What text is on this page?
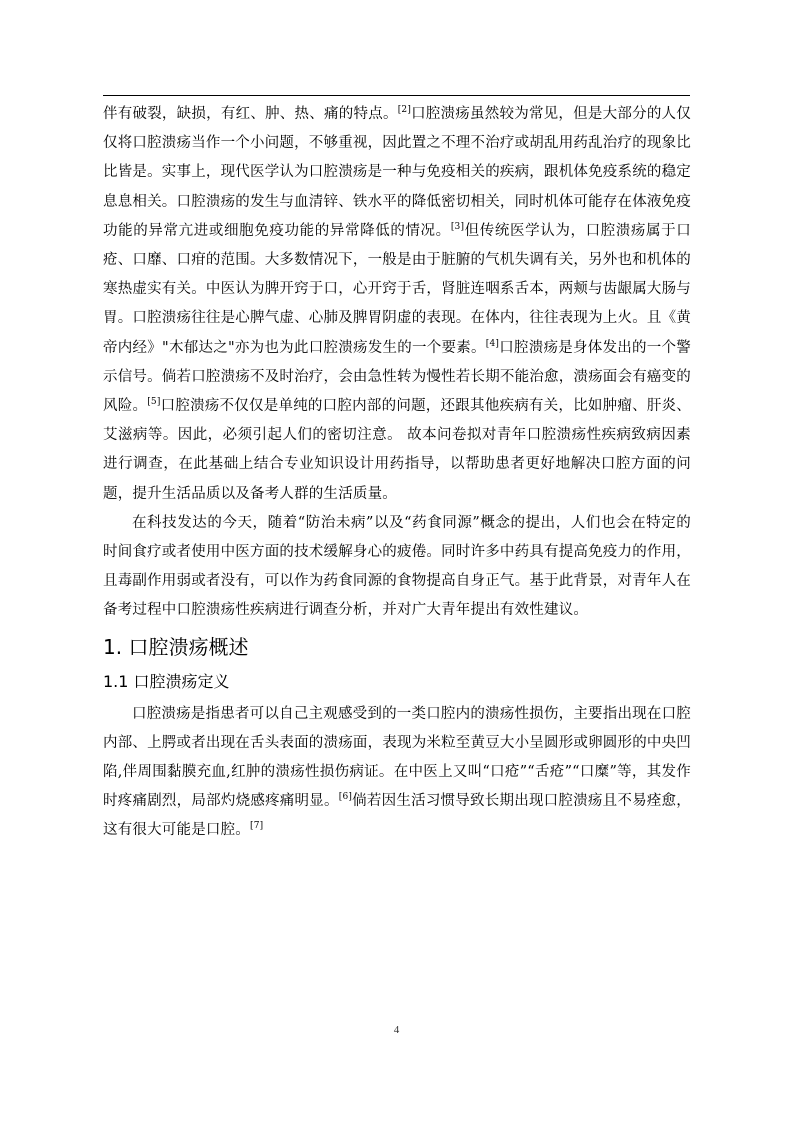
伴有破裂，缺损，有红、肿、热、痛的特点。[2]口腔溃疡虽然较为常见，但是大部分的人仅仅将口腔溃疡当作一个小问题，不够重视，因此置之不理不治疗或胡乱用药乱治疗的现象比比皆是。实事上，现代医学认为口腔溃疡是一种与免疫相关的疾病，跟机体免疫系统的稳定息息相关。口腔溃疡的发生与血清锌、铁水平的降低密切相关，同时机体可能存在体液免疫功能的异常亢进或细胞免疫功能的异常降低的情况。[3]但传统医学认为，口腔溃疡属于口疮、口靡、口疳的范围。大多数情况下，一般是由于脏腑的气机失调有关，另外也和机体的寒热虚实有关。中医认为脾开窍于口，心开窍于舌，肾脏连咽系舌本，两颊与齿龈属大肠与胃。口腔溃疡往往是心脾气虚、心肺及脾胃阴虚的表现。在体内，往往表现为上火。且《黄帝内经》"木郁达之"亦为也为此口腔溃疡发生的一个要素。[4]口腔溃疡是身体发出的一个警示信号。倘若口腔溃疡不及时治疗，会由急性转为慢性若长期不能治愈，溃疡面会有癌变的风险。[5]口腔溃疡不仅仅是单纯的口腔内部的问题，还跟其他疾病有关，比如肿瘤、肝炎、艾滋病等。因此，必须引起人们的密切注意。 故本问卷拟对青年口腔溃疡性疾病致病因素进行调查，在此基础上结合专业知识设计用药指导，以帮助患者更好地解决口腔方面的问题，提升生活品质以及备考人群的生活质量。

在科技发达的今天，随着“防治未病”以及“药食同源”概念的提出，人们也会在特定的时间食疗或者使用中医方面的技术缓解身心的疲倦。同时许多中药具有提高免疫力的作用，且毒副作用弱或者没有，可以作为药食同源的食物提高自身正气。基于此背景，对青年人在备考过程中口腔溃疡性疾病进行调查分析，并对广大青年提出有效性建议。

1. 口腔溃疡概述
1.1 口腔溃疡定义

口腔溃疡是指患者可以自己主观感受到的一类口腔内的溃疡性损伤，主要指出现在口腔内部、上腭或者出现在舌头表面的溃疡面，表现为米粒至黄豆大小呈圆形或卵圆形的中央凹陷,伴周围黏膜充血,红肿的溃疡性损伤病证。在中医上又叫“口疮”“舌疮”“口糜”等，其发作时疼痛剧烈，局部灼烧感疼痛明显。[6]倘若因生活习惯导致长期出现口腔溃疡且不易痊愈，这有很大可能是口腔。[7]

4
